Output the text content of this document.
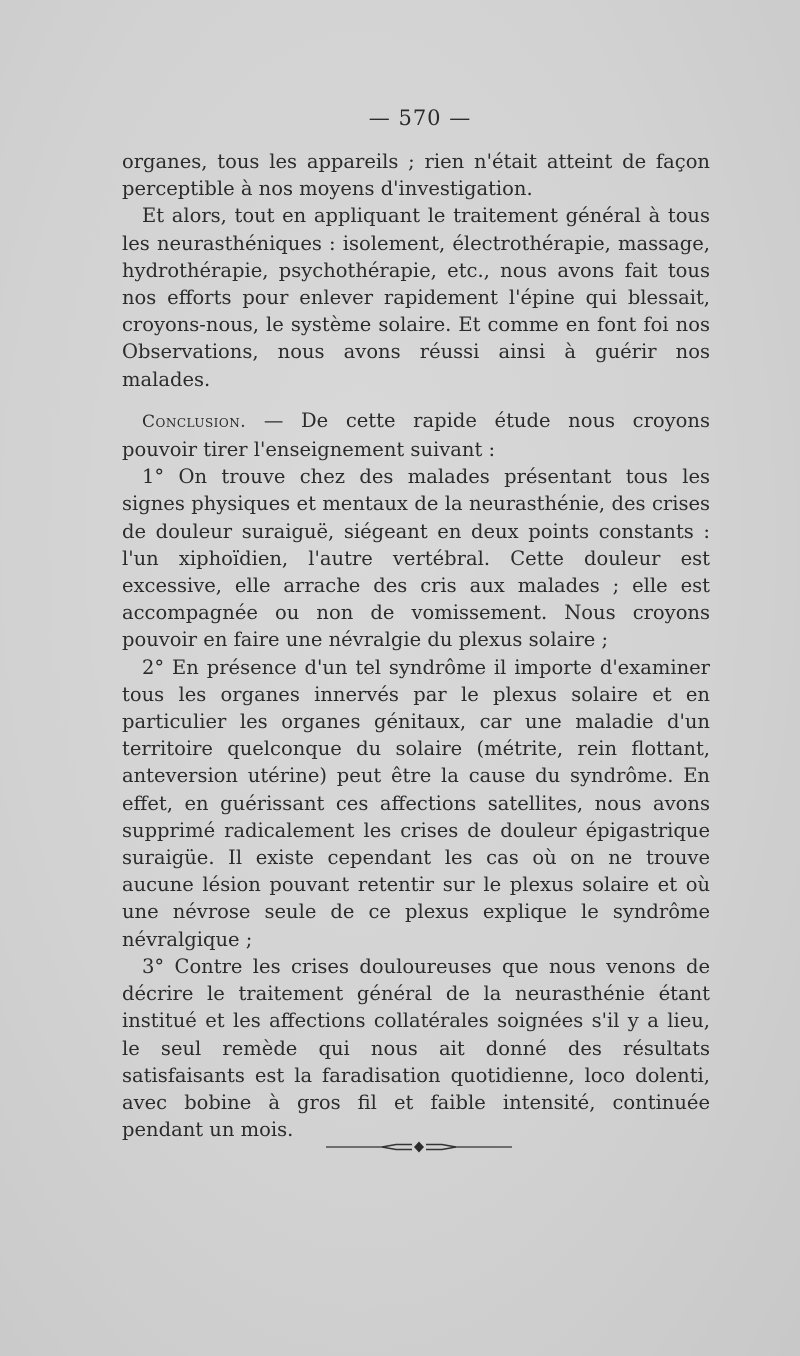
— 570 —

organes, tous les appareils ; rien n'était atteint de façon perceptible à nos moyens d'investigation.

Et alors, tout en appliquant le traitement général à tous les neurasthéniques : isolement, électrothérapie, massage, hydrothérapie, psychothérapie, etc., nous avons fait tous nos efforts pour enlever rapidement l'épine qui blessait, croyons-nous, le système solaire. Et comme en font foi nos Observations, nous avons réussi ainsi à guérir nos malades.

Conclusion. — De cette rapide étude nous croyons pouvoir tirer l'enseignement suivant :

1° On trouve chez des malades présentant tous les signes physiques et mentaux de la neurasthénie, des crises de douleur suraiguë, siégeant en deux points constants : l'un xiphoïdien, l'autre vertébral. Cette douleur est excessive, elle arrache des cris aux malades ; elle est accompagnée ou non de vomissement. Nous croyons pouvoir en faire une névralgie du plexus solaire ;

2° En présence d'un tel syndrôme il importe d'examiner tous les organes innervés par le plexus solaire et en particulier les organes génitaux, car une maladie d'un territoire quelconque du solaire (métrite, rein flottant, anteversion utérine) peut être la cause du syndrôme. En effet, en guérissant ces affections satellites, nous avons supprimé radicalement les crises de douleur épigastrique suraigüe. Il existe cependant les cas où on ne trouve aucune lésion pouvant retentir sur le plexus solaire et où une névrose seule de ce plexus explique le syndrôme névralgique ;

3° Contre les crises douloureuses que nous venons de décrire le traitement général de la neurasthénie étant institué et les affections collatérales soignées s'il y a lieu, le seul remède qui nous ait donné des résultats satisfaisants est la faradisation quotidienne, loco dolenti, avec bobine à gros fil et faible intensité, continuée pendant un mois.
